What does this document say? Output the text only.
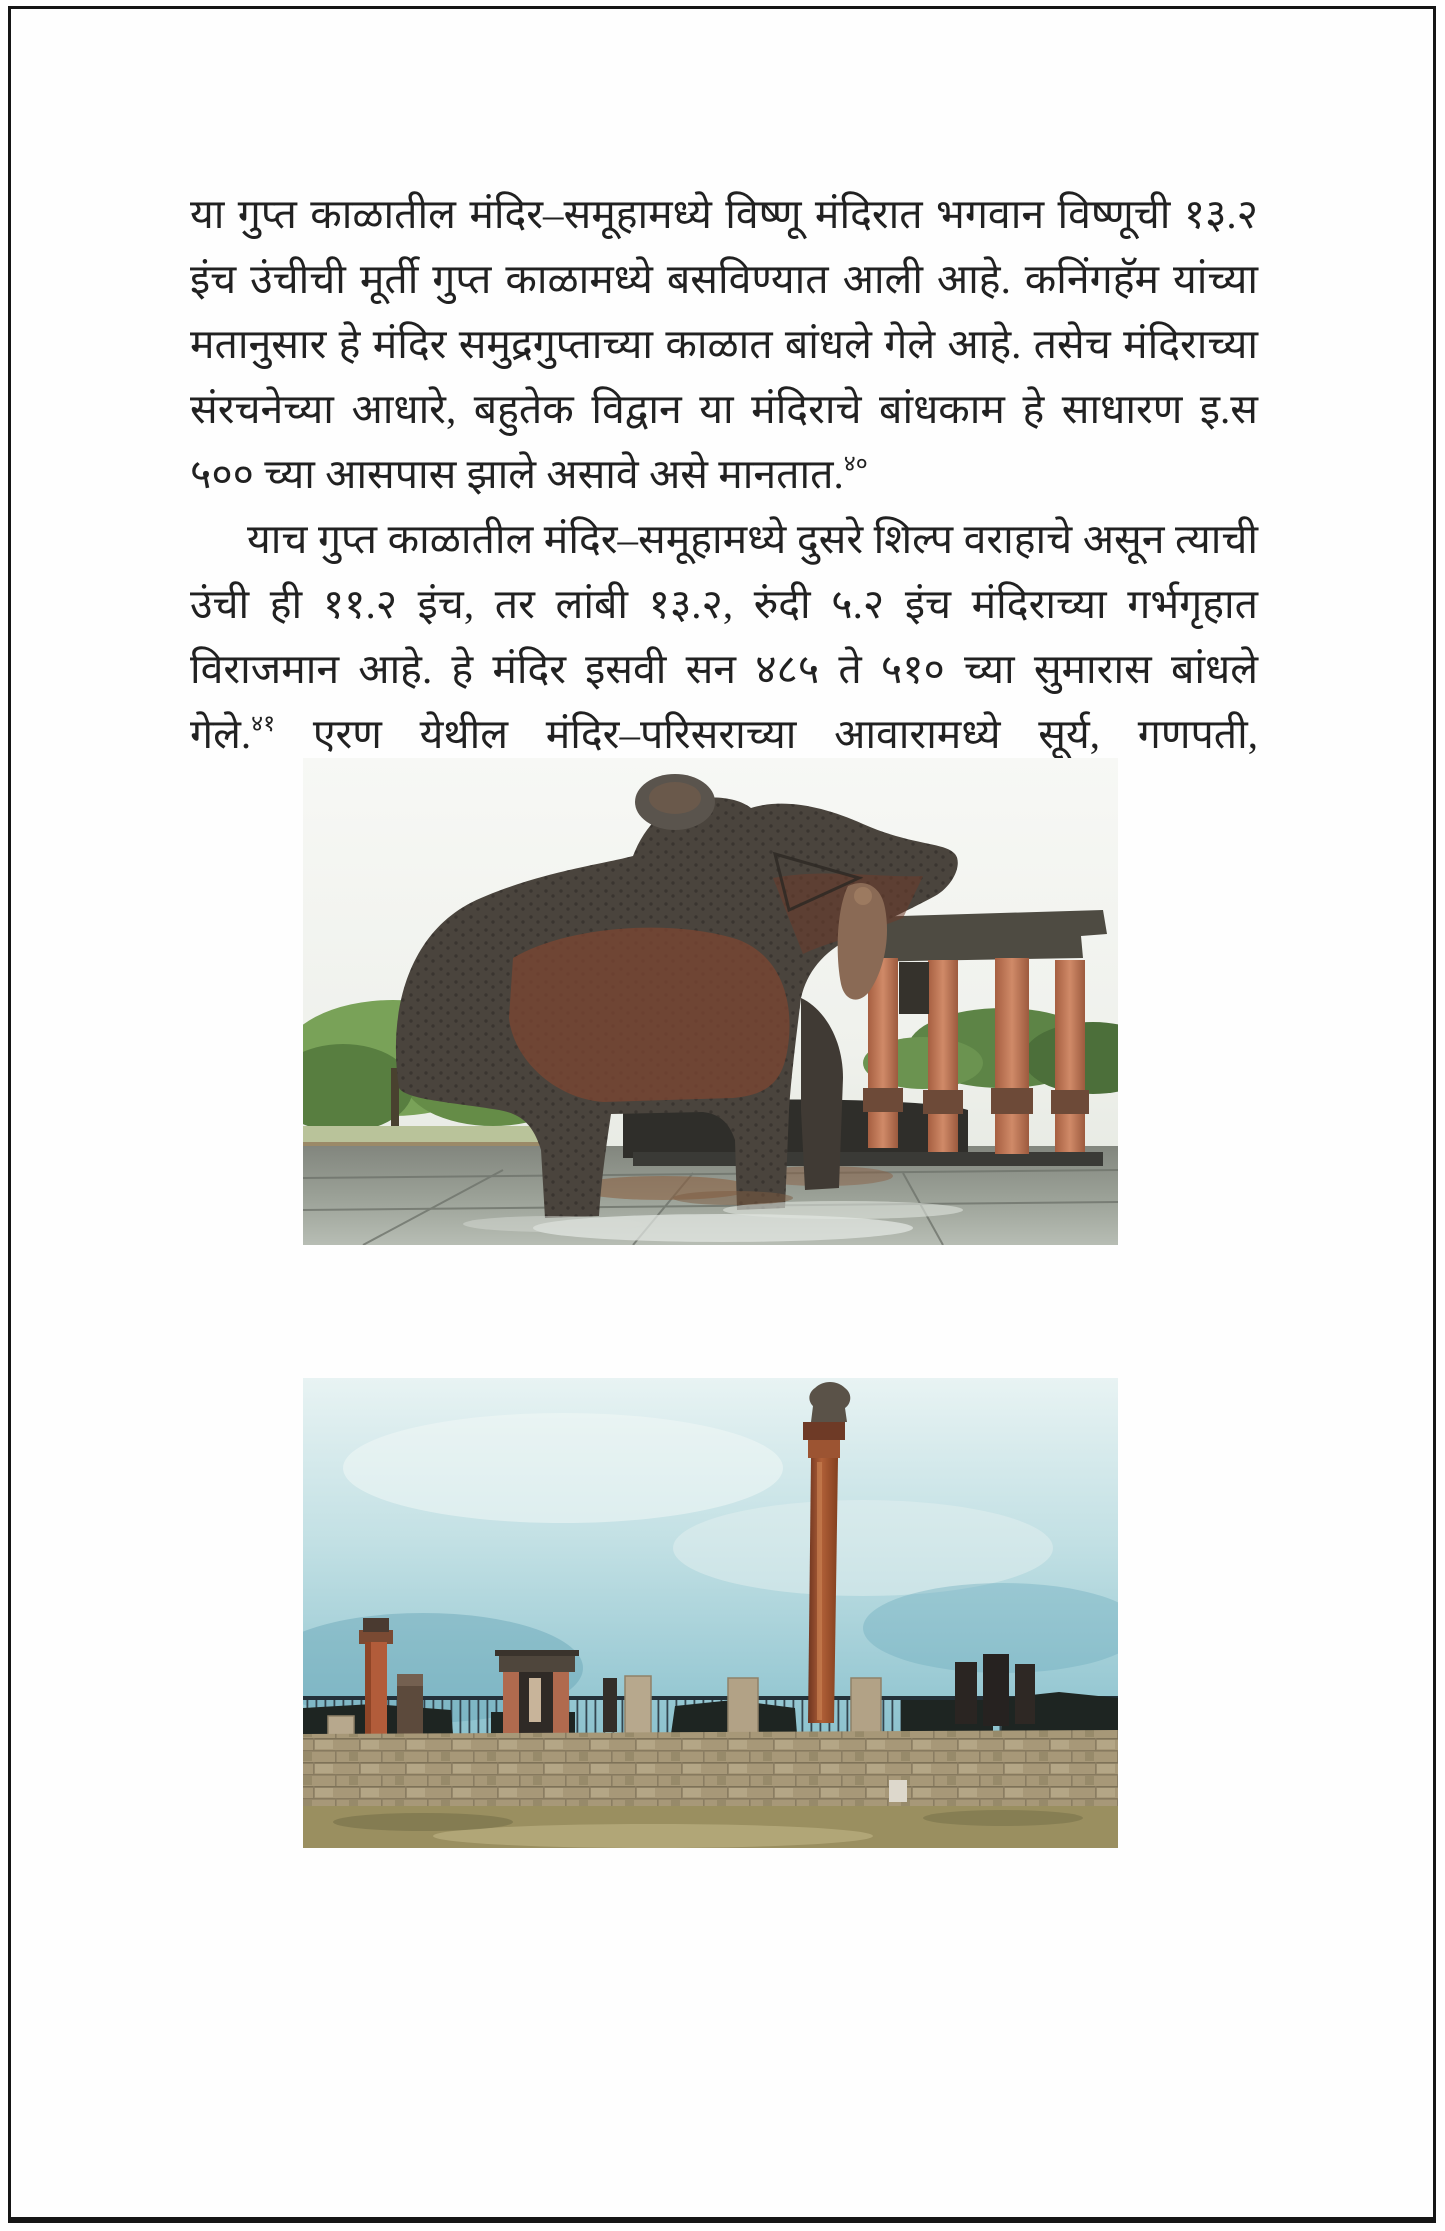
या गुप्त काळातील मंदिर–समूहामध्ये विष्णू मंदिरात भगवान विष्णूची १३.२

इंच उंचीची मूर्ती गुप्त काळामध्ये बसविण्यात आली आहे. कनिंगहॅम यांच्या

मतानुसार हे मंदिर समुद्रगुप्ताच्या काळात बांधले गेले आहे. तसेच मंदिराच्या

संरचनेच्या आधारे, बहुतेक विद्वान या मंदिराचे बांधकाम हे साधारण इ.स

५०० च्या आसपास झाले असावे असे मानतात.$^{४०}$

याच गुप्त काळातील मंदिर–समूहामध्ये दुसरे शिल्प वराहाचे असून त्याची

उंची ही ११.२ इंच, तर लांबी १३.२, रुंदी ५.२ इंच मंदिराच्या गर्भगृहात

विराजमान आहे. हे मंदिर इसवी सन ४८५ ते ५१० च्या सुमारास बांधले

गेले.$^{४१}$ एरण येथील मंदिर–परिसराच्या आवारामध्ये सूर्य, गणपती,
